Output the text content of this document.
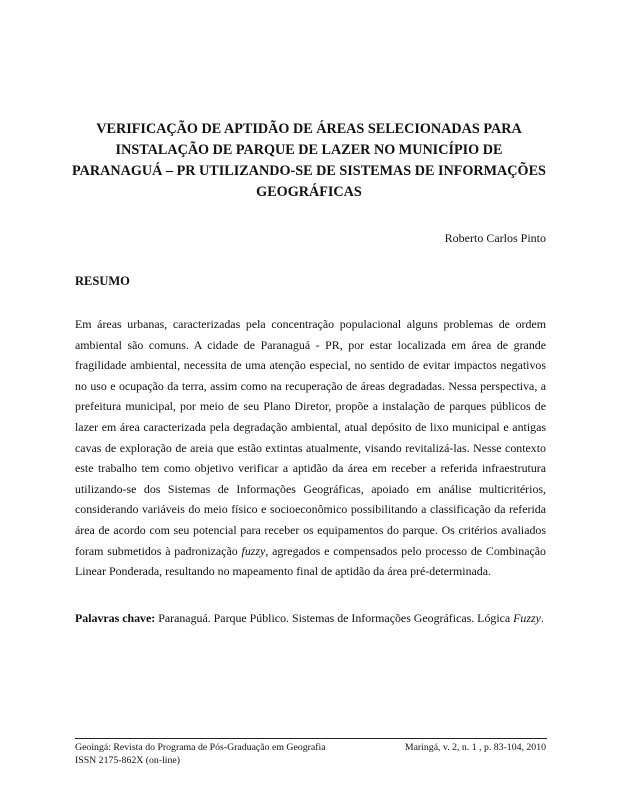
VERIFICAÇÃO DE APTIDÃO DE ÁREAS SELECIONADAS PARA
INSTALAÇÃO DE PARQUE DE LAZER NO MUNICÍPIO DE
PARANAGUÁ – PR UTILIZANDO-SE DE SISTEMAS DE INFORMAÇÕES
GEOGRÁFICAS

Roberto Carlos Pinto

RESUMO

Em áreas urbanas, caracterizadas pela concentração populacional alguns problemas de ordem ambiental são comuns. A cidade de Paranaguá - PR, por estar localizada em área de grande fragilidade ambiental, necessita de uma atenção especial, no sentido de evitar impactos negativos no uso e ocupação da terra, assim como na recuperação de áreas degradadas. Nessa perspectiva, a prefeitura municipal, por meio de seu Plano Diretor, propõe a instalação de parques públicos de lazer em área caracterizada pela degradação ambiental, atual depósito de lixo municipal e antigas cavas de exploração de areia que estão extintas atualmente, visando revitalizá-las. Nesse contexto este trabalho tem como objetivo verificar a aptidão da área em receber a referida infraestrutura utilizando-se dos Sistemas de Informações Geográficas, apoiado em análise multicritérios, considerando variáveis do meio físico e socioeconômico possibilitando a classificação da referida área de acordo com seu potencial para receber os equipamentos do parque. Os critérios avaliados foram submetidos à padronização fuzzy, agregados e compensados pelo processo de Combinação Linear Ponderada, resultando no mapeamento final de aptidão da área pré-determinada.

Palavras chave: Paranaguá. Parque Público. Sistemas de Informações Geográficas. Lógica Fuzzy.

Geoingá: Revista do Programa de Pós-Graduação em Geografia
ISSN 2175-862X (on-line)
Maringá, v. 2, n. 1 , p. 83-104, 2010
